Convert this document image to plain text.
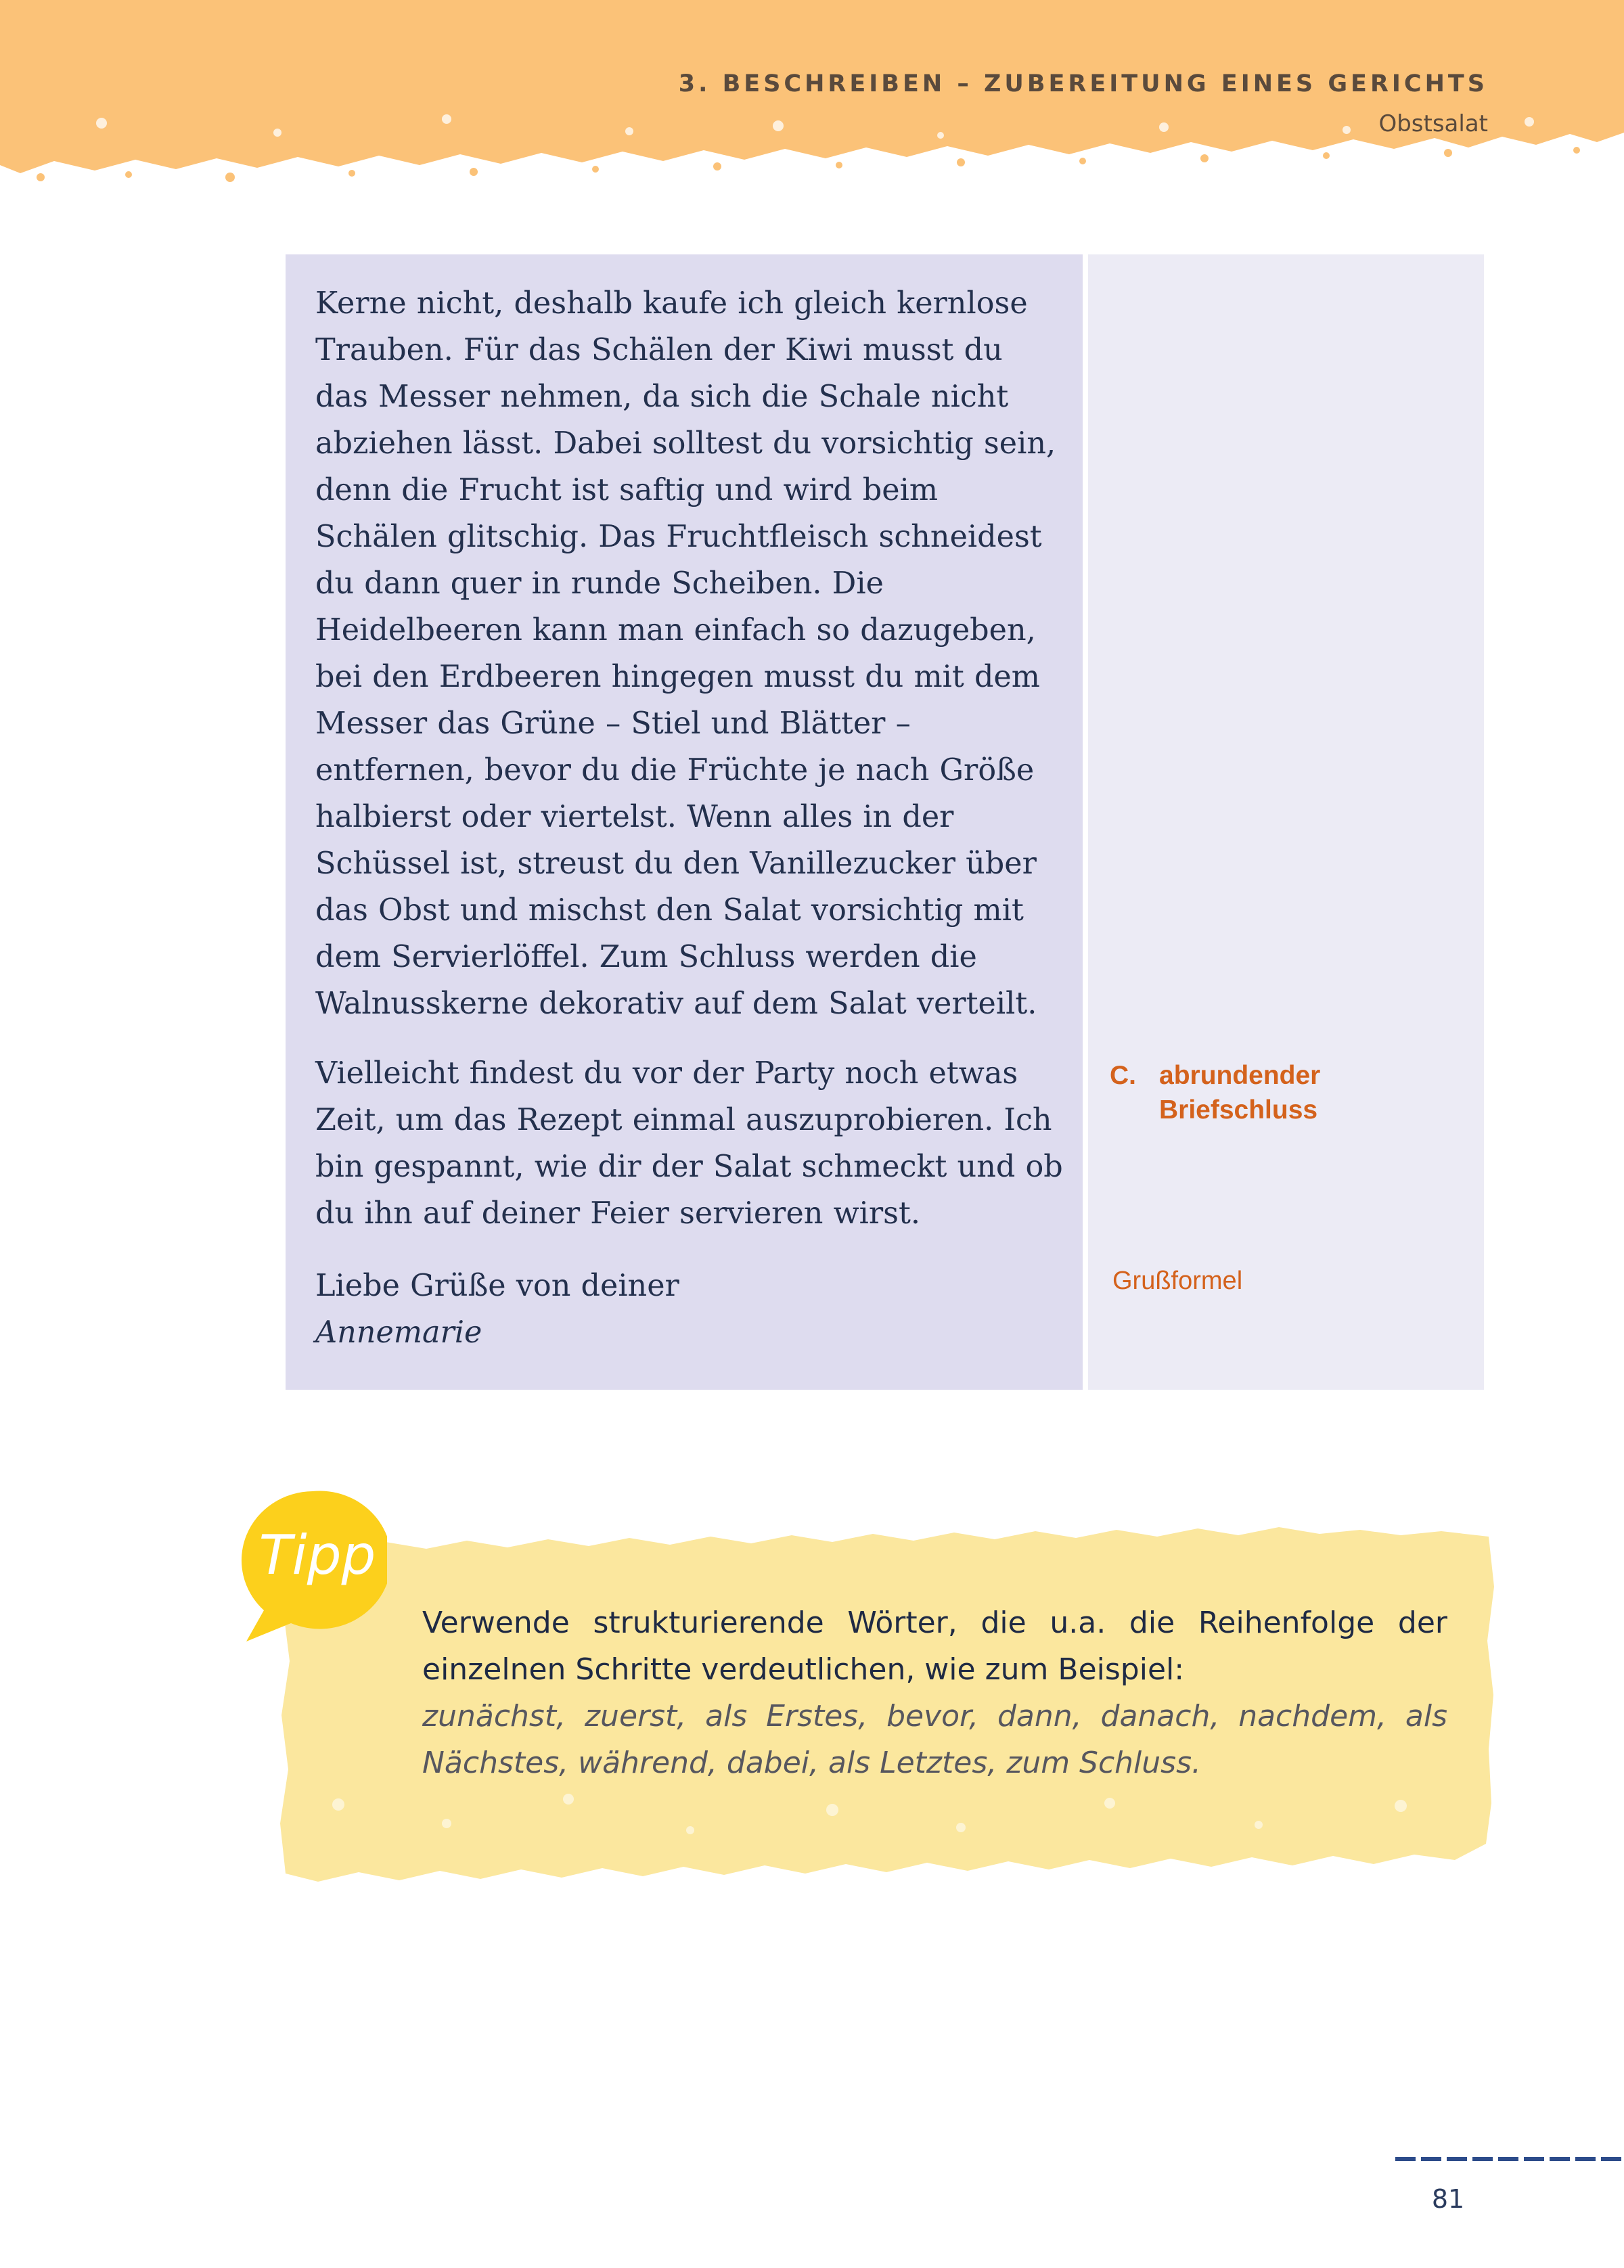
3. BESCHREIBEN – ZUBEREITUNG EINES GERICHTS
Obstsalat

Kerne nicht, deshalb kaufe ich gleich kernlose Trauben. Für das Schälen der Kiwi musst du das Messer nehmen, da sich die Schale nicht abziehen lässt. Dabei solltest du vorsichtig sein, denn die Frucht ist saftig und wird beim Schälen glitschig. Das Fruchtfleisch schneidest du dann quer in runde Scheiben. Die Heidelbeeren kann man einfach so dazugeben, bei den Erdbeeren hingegen musst du mit dem Messer das Grüne – Stiel und Blätter – entfernen, bevor du die Früchte je nach Größe halbierst oder viertelst. Wenn alles in der Schüssel ist, streust du den Vanillezucker über das Obst und mischst den Salat vorsichtig mit dem Servierlöffel. Zum Schluss werden die Walnusskerne dekorativ auf dem Salat verteilt.

Vielleicht findest du vor der Party noch etwas Zeit, um das Rezept einmal auszuprobieren. Ich bin gespannt, wie dir der Salat schmeckt und ob du ihn auf deiner Feier servieren wirst.

Liebe Grüße von deiner

Annemarie

C. abrundender Briefschluss
Grußformel
Tipp
Verwende strukturierende Wörter, die u.a. die Reihenfolge der
einzelnen Schritte verdeutlichen, wie zum Beispiel:
zunächst, zuerst, als Erstes, bevor, dann, danach, nachdem, als
Nächstes, während, dabei, als Letztes, zum Schluss.
81
